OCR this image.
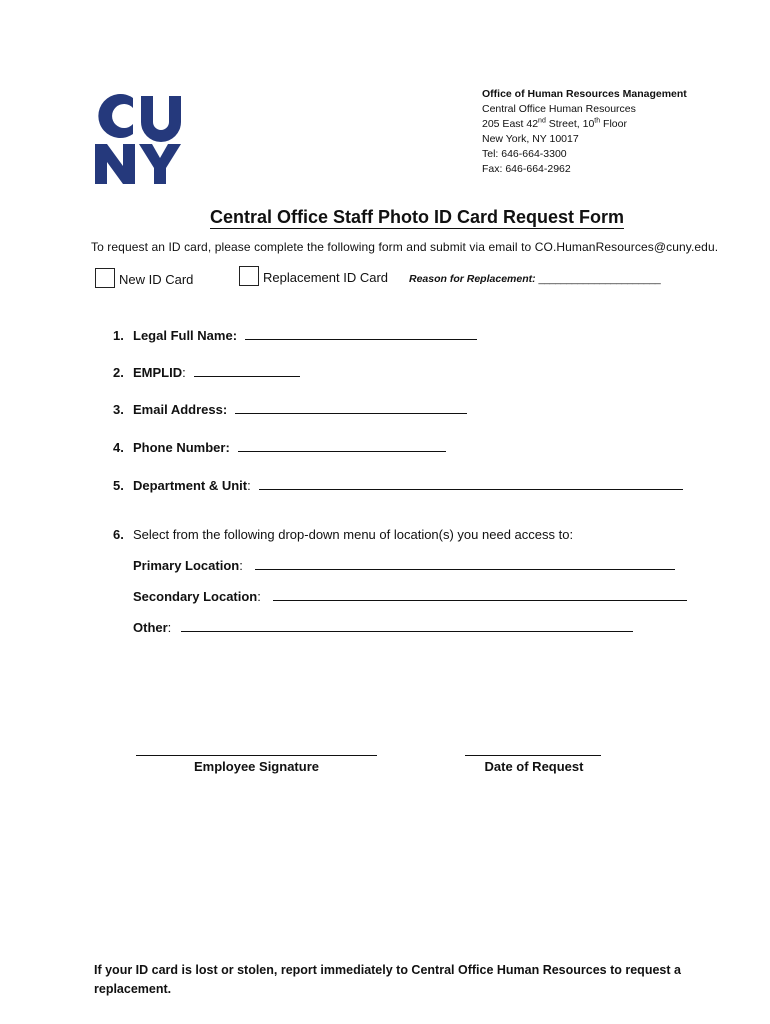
Office of Human Resources Management
Central Office Human Resources
205 East 42nd Street, 10th Floor
New York, NY 10017
Tel: 646-664-3300
Fax: 646-664-2962
Central Office Staff Photo ID Card Request Form
To request an ID card, please complete the following form and submit via email to CO.HumanResources@cuny.edu.
New ID Card	Replacement ID Card Reason for Replacement: ______________________
1. Legal Full Name:
2. EMPLID :
3. Email Address:
4. Phone Number:
5. Department & Unit :
6. Select from the following drop-down menu of location(s) you need access to:
Primary Location :
Secondary Location :
Other :
Employee Signature	Date of Request
If your ID card is lost or stolen, report immediately to Central Office Human Resources to request a replacement.
